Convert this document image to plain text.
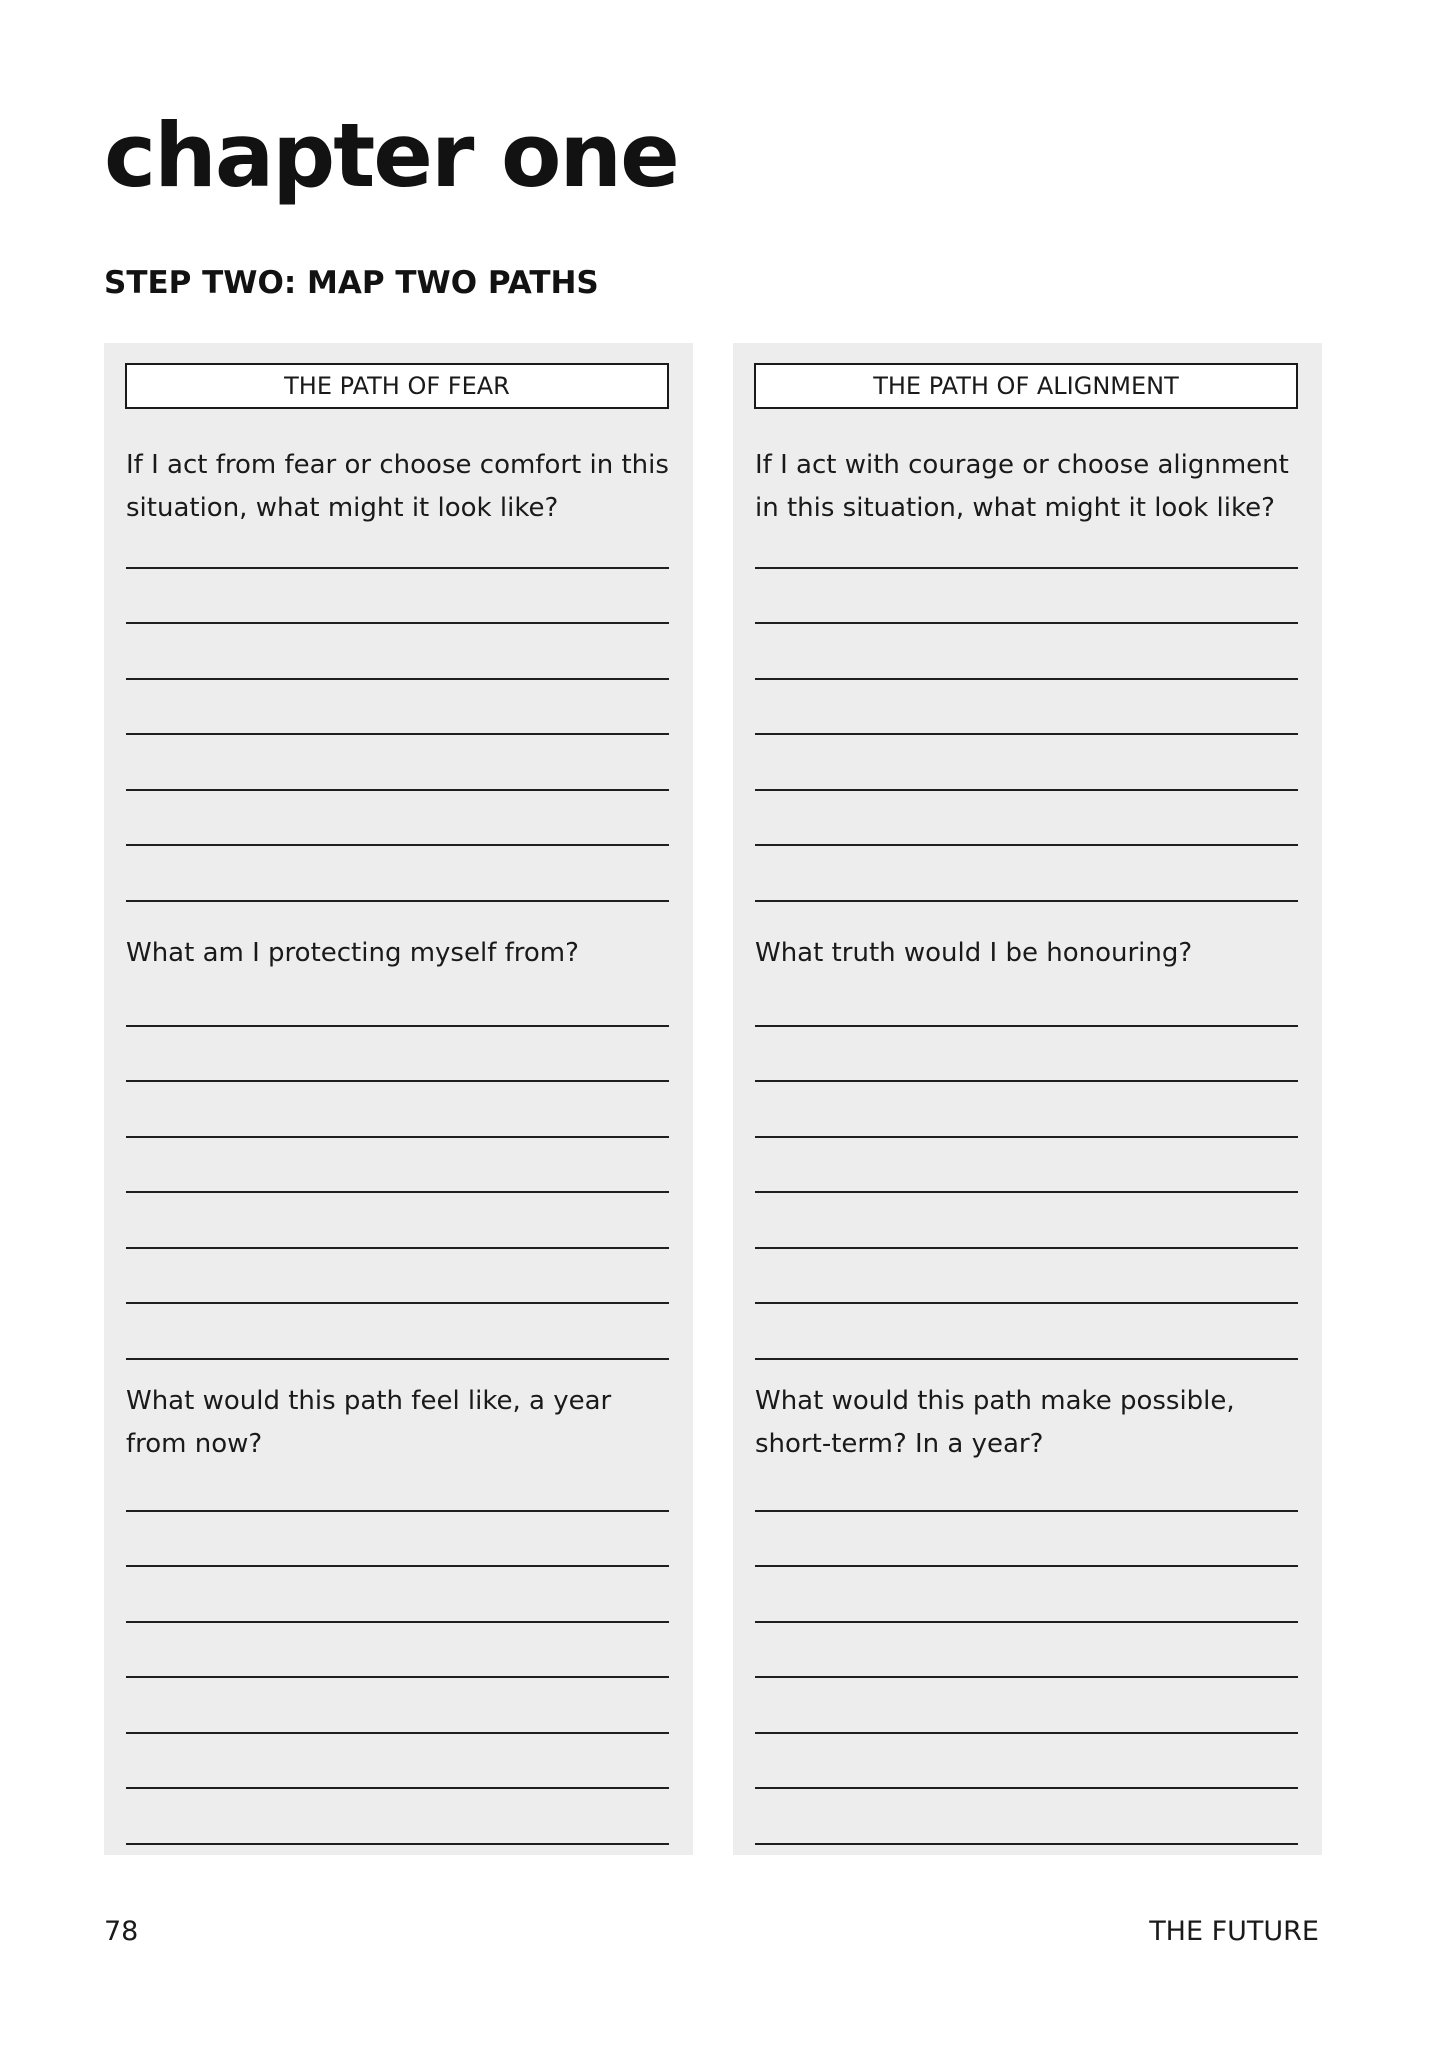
chapter one
STEP TWO: MAP TWO PATHS
THE PATH OF FEAR

If I act from fear or choose comfort in this situation, what might it look like?

What am I protecting myself from?

What would this path feel like, a year from now?

THE PATH OF ALIGNMENT

If I act with courage or choose alignment in this situation, what might it look like?

What truth would I be honouring?

What would this path make possible, short-term? In a year?

78	THE FUTURE
